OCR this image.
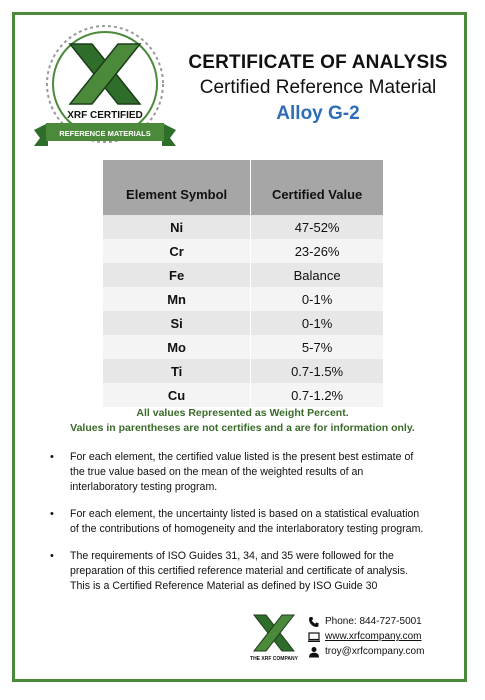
XRF CERTIFIED
REFERENCE MATERIALS
CERTIFICATE OF ANALYSIS
Certified Reference Material
Alloy G-2
Element Symbol	Certified Value
Ni	47-52%
Cr	23-26%
Fe	Balance
Mn	0-1%
Si	0-1%
Mo	5-7%
Ti	0.7-1.5%
Cu	0.7-1.2%
All values Represented as Weight Percent.
Values in parentheses are not certifies and a are for information only.
• For each element, the certified value listed is the present best estimate of the true value based on the mean of the weighted results of an interlaboratory testing program.
• For each element, the uncertainty listed is based on a statistical evaluation of the contributions of homogeneity and the interlaboratory testing program.
• The requirements of ISO Guides 31, 34, and 35 were followed for the preparation of this certified reference material and certificate of analysis. This is a Certified Reference Material as defined by ISO Guide 30
THE XRF COMPANY
Phone: 844-727-5001
www.xrfcompany.com
troy@xrfcompany.com
